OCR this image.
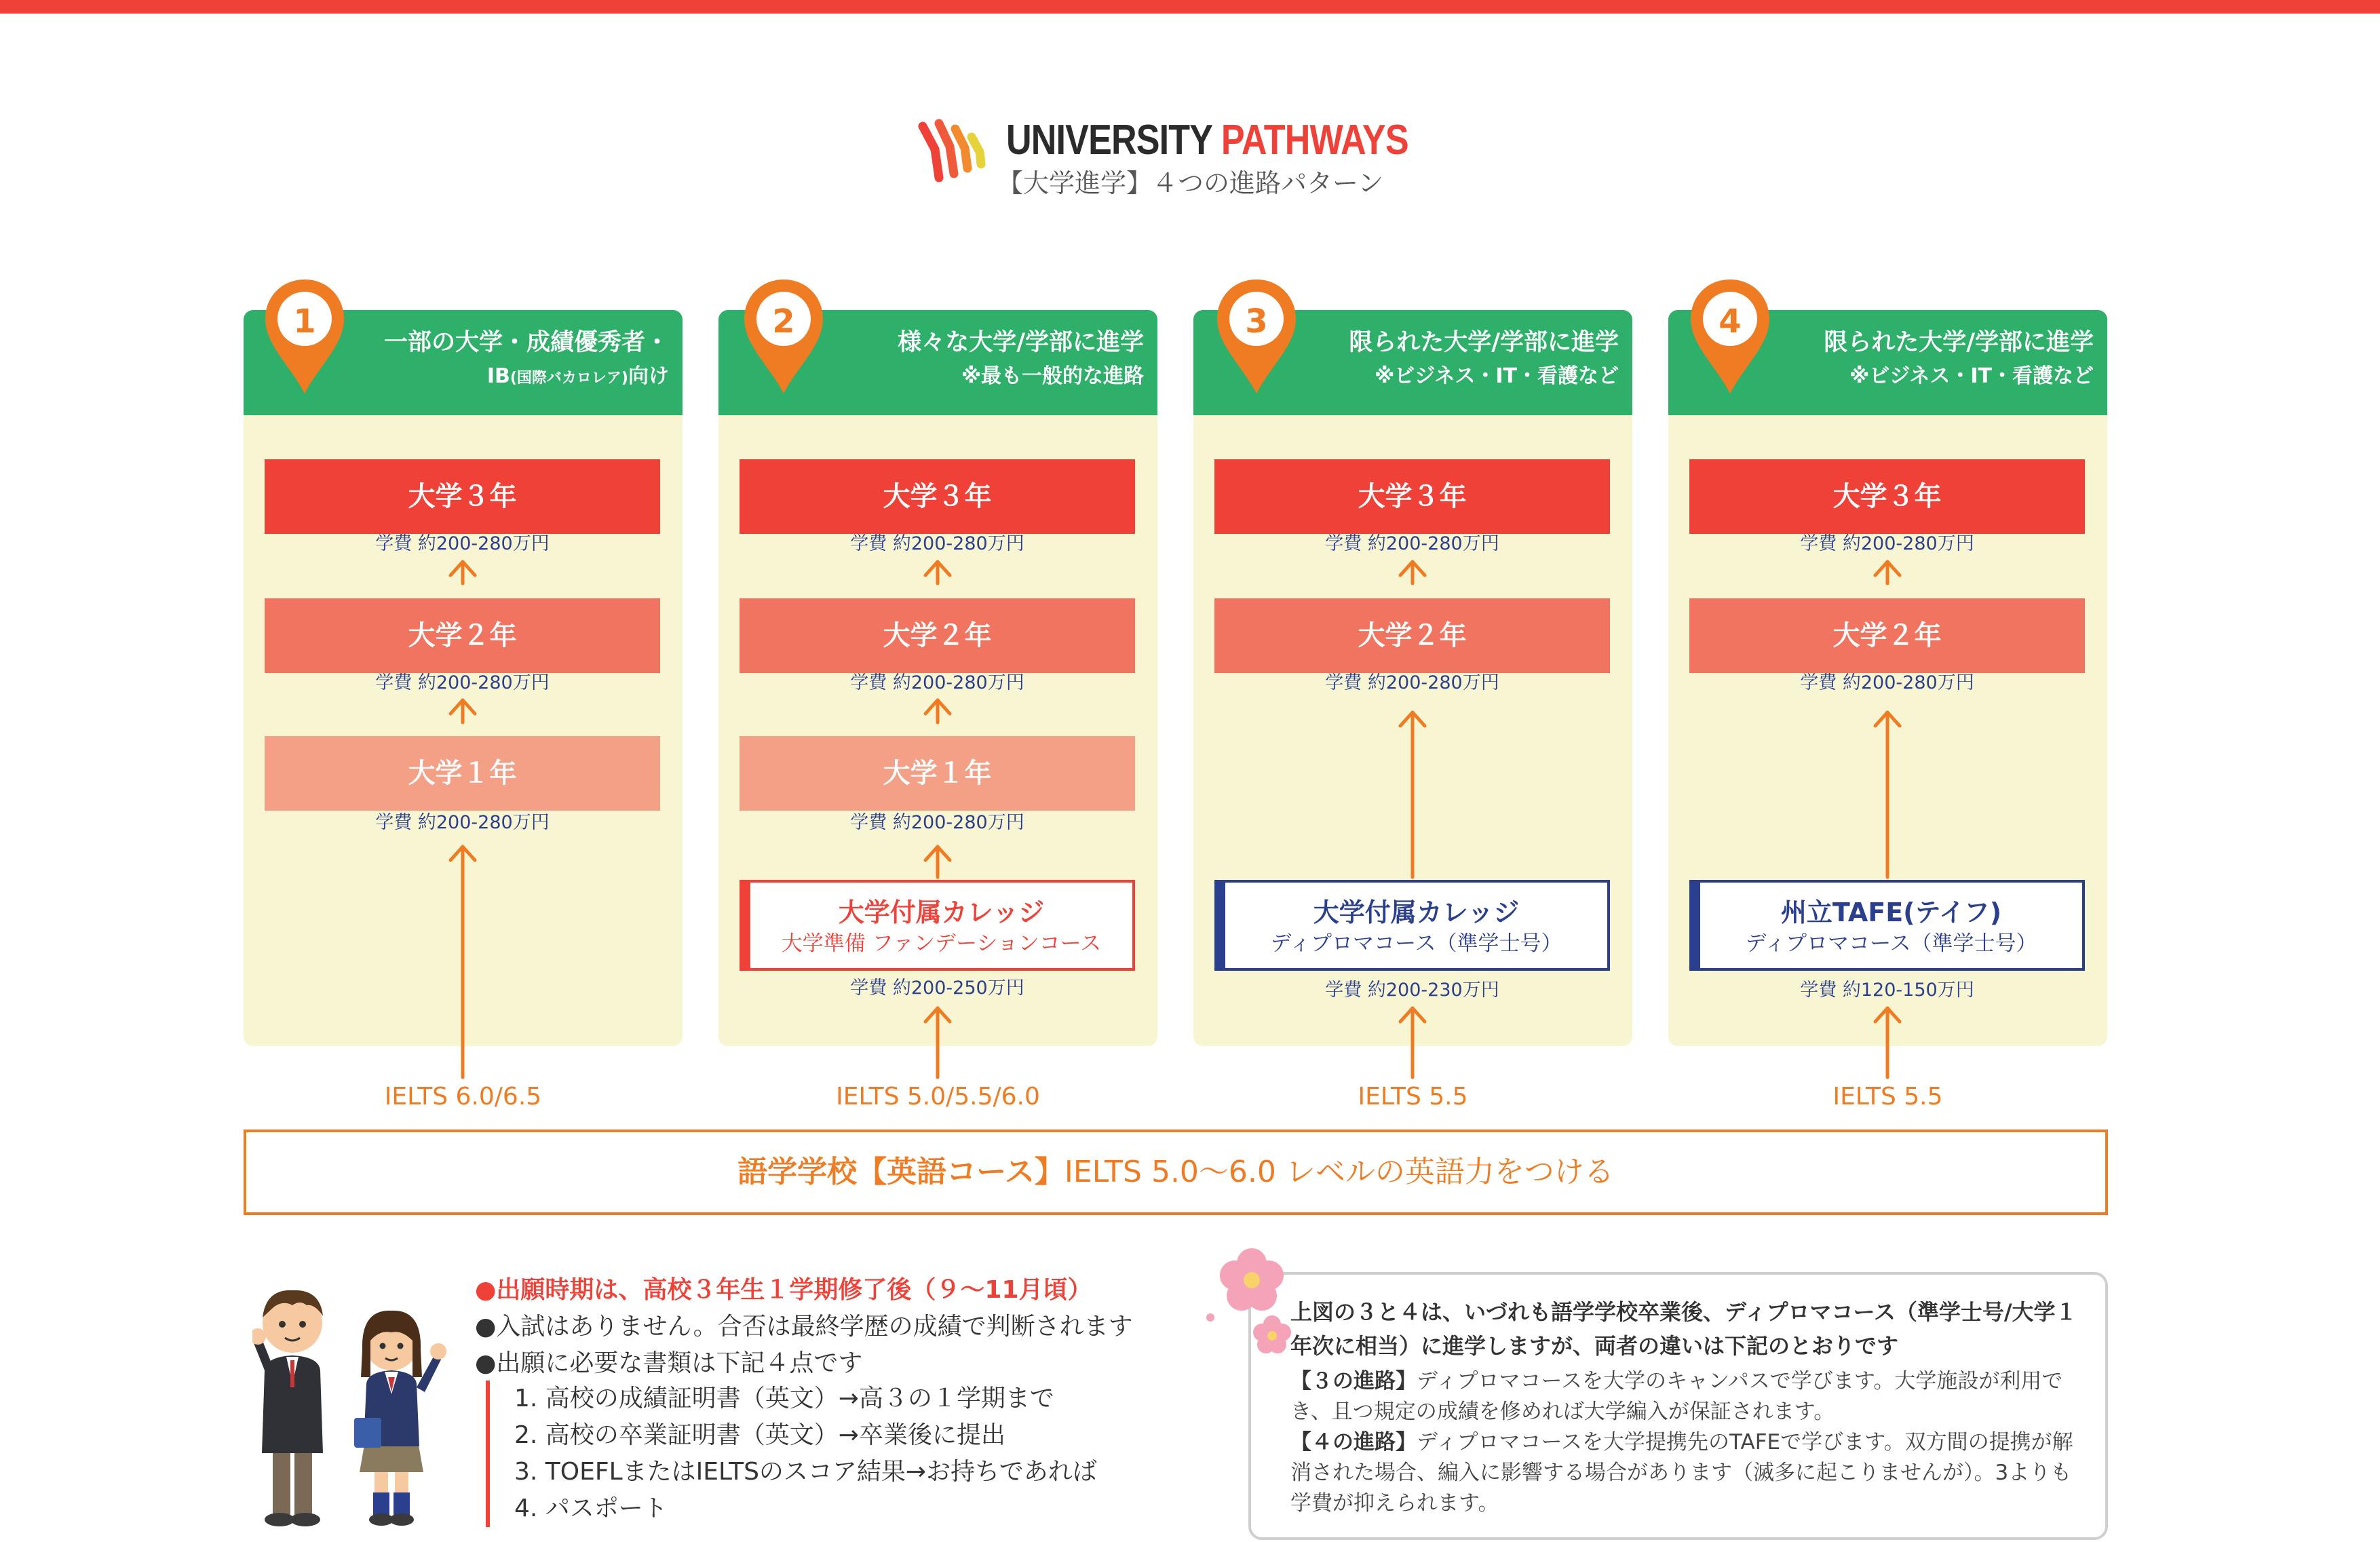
UNIVERSITY PATHWAYS
【大学進学】４つの進路パターン
一部の大学・成績優秀者・
IB(国際バカロレア)向け
大学３年
学費 約200-280万円
大学２年
学費 約200-280万円
大学１年
学費 約200-280万円
様々な大学/学部に進学
※最も一般的な進路
大学３年
学費 約200-280万円
大学２年
学費 約200-280万円
大学１年
学費 約200-280万円
大学付属カレッジ
大学準備 ファンデーションコース
学費 約200-250万円
限られた大学/学部に進学
※ビジネス・IT・看護など
大学３年
学費 約200-280万円
大学２年
学費 約200-280万円
大学付属カレッジ
ディプロマコース（準学士号）
学費 約200-230万円
限られた大学/学部に進学
※ビジネス・IT・看護など
大学３年
学費 約200-280万円
大学２年
学費 約200-280万円
州立TAFE(テイフ)
ディプロマコース（準学士号）
学費 約120-150万円
1	2	3	4
IELTS 6.0/6.5	IELTS 5.0/5.5/6.0	IELTS 5.5	IELTS 5.5
語学学校【英語コース】IELTS 5.0〜6.0 レベルの英語力をつける
●出願時期は、高校３年生１学期修了後（９〜11月頃）
●入試はありません。合否は最終学歴の成績で判断されます
●出願に必要な書類は下記４点です
1. 高校の成績証明書（英文）→高３の１学期まで
2. 高校の卒業証明書（英文）→卒業後に提出
3. TOEFLまたはIELTSのスコア結果→お持ちであれば
4. パスポート
上図の３と４は、いづれも語学学校卒業後、ディプロマコース（準学士号/大学１年次に相当）に進学しますが、両者の違いは下記のとおりです
【３の進路】ディプロマコースを大学のキャンパスで学びます。大学施設が利用でき、且つ規定の成績を修めれば大学編入が保証されます。
【４の進路】ディプロマコースを大学提携先のTAFEで学びます。双方間の提携が解消された場合、編入に影響する場合があります（滅多に起こりませんが）。3よりも学費が抑えられます。
